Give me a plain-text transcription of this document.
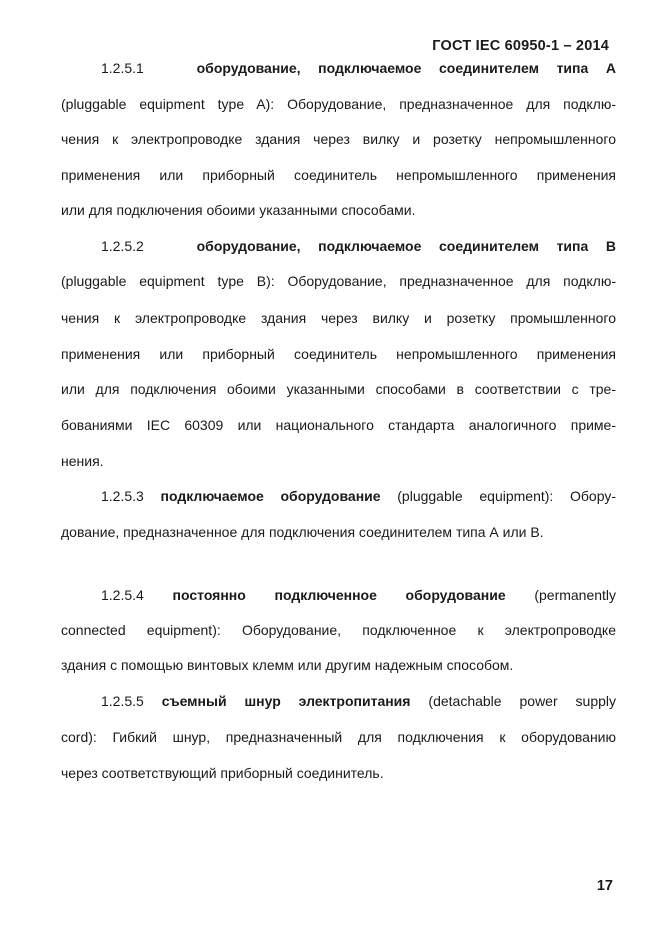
ГОСТ IEC 60950-1 – 2014
1.2.5.1	оборудование, подключаемое соединителем типа А
(pluggable equipment type A): Оборудование, предназначенное для подклю-
чения к электропроводке здания через вилку и розетку непромышленного
применения или приборный соединитель непромышленного применения
или для подключения обоими указанными способами.
1.2.5.2	оборудование, подключаемое соединителем типа В
(pluggable equipment type B): Оборудование, предназначенное для подклю-
чения к электропроводке здания через вилку и розетку промышленного
применения или приборный соединитель непромышленного применения
или для подключения обоими указанными способами в соответствии с тре-
бованиями IEC 60309 или национального стандарта аналогичного приме-
нения.
1.2.5.3 подключаемое оборудование (pluggable equipment): Обору-
дование, предназначенное для подключения соединителем типа А или В.
1.2.5.4 постоянно подключенное оборудование (permanently
connected equipment): Оборудование, подключенное к электропроводке
здания с помощью винтовых клемм или другим надежным способом.
1.2.5.5 съемный шнур электропитания (detachable power supply
cord): Гибкий шнур, предназначенный для подключения к оборудованию
через соответствующий приборный соединитель.
17
